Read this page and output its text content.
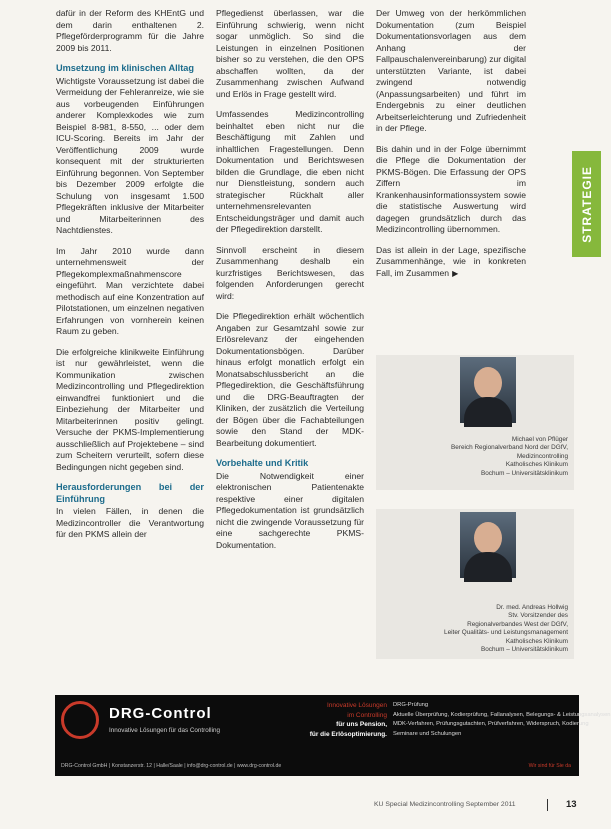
dafür in der Reform des KHEntG und dem darin enthaltenen 2. Pflegeförderprogramm für die Jahre 2009 bis 2011.

Umsetzung im klinischen Alltag

Wichtigste Voraussetzung ist dabei die Vermeidung der Fehleranreize, wie sie aus vorbeugenden Einführungen anderer Komplexkodes wie zum Beispiel 8-981, 8-550, ... oder dem ICU-Scoring. Bereits im Jahr der Veröffentlichung 2009 wurde konsequent mit der strukturierten Einführung begonnen. Von September bis Dezember 2009 erfolgte die Schulung von insgesamt 1.500 Pflegekräften inklusive der Mitarbeiter und Mitarbeiterinnen des Nachtdienstes.

Im Jahr 2010 wurde dann unternehmensweit der Pflegekomplexmaßnahmenscore eingeführt. Man verzichtete dabei methodisch auf eine Konzentration auf Pilotstationen, um einzelnen negativen Erfahrungen von vornherein keinen Raum zu geben.

Die erfolgreiche klinikweite Einführung ist nur gewährleistet, wenn die Kommunikation zwischen Medizincontrolling und Pflegedirektion einwandfrei funktioniert und die Einbeziehung der Mitarbeiter und Mitarbeiterinnen positiv gelingt. Versuche der PKMS-Implementierung ausschließlich auf Projektebene – sind zum Scheitern verurteilt, sofern diese Bedingungen nicht gegeben sind.

Herausforderungen bei der Einführung

In vielen Fällen, in denen die Medizincontroller die Verantwortung für den PKMS allein der

Pflegedienst überlassen, war die Einführung schwierig, wenn nicht sogar unmöglich. So sind die Leistungen in einzelnen Positionen bisher so zu verstehen, die den OPS abschaffen wollten, da der Zusammenhang zwischen Aufwand und Erlös in Frage gestellt wird.

Umfassendes Medizincontrolling beinhaltet eben nicht nur die Beschäftigung mit Zahlen und inhaltlichen Fragestellungen. Denn Dokumentation und Berichtswesen bilden die Grundlage, die eben nicht nur Dienstleistung, sondern auch strategischer Rückhalt aller unternehmensrelevanten Entscheidungsträger und damit auch der Pflegedirektion darstellt.

Sinnvoll erscheint in diesem Zusammenhang deshalb ein kurzfristiges Berichtswesen, das folgenden Anforderungen gerecht wird:

Die Pflegedirektion erhält wöchentlich Angaben zur Gesamtzahl sowie zur Erlösrelevanz der eingehenden Dokumentationsbögen. Darüber hinaus erfolgt monatlich erfolgt ein Monatsabschlussbericht an die Pflegedirektion, die Geschäftsführung und die DRG-Beauftragten der Kliniken, der zusätzlich die Verteilung der Bögen über die Fachabteilungen sowie den Stand der MDK-Bearbeitung dokumentiert.

Vorbehalte und Kritik

Die Notwendigkeit einer elektronischen Patientenakte respektive einer digitalen Pflegedokumentation ist grundsätzlich nicht die zwingende Voraussetzung für eine sachgerechte PKMS-Dokumentation.

Der Umweg von der herkömmlichen Dokumentation (zum Beispiel Dokumentationsvorlagen aus dem Anhang der Fallpauschalenvereinbarung) zur digital unterstützten Variante, ist dabei zwingend notwendig (Anpassungsarbeiten) und führt im Endergebnis zu einer deutlichen Arbeitserleichterung und Zufriedenheit in der Pflege.

Bis dahin und in der Folge übernimmt die Pflege die Dokumentation der PKMS-Bögen. Die Erfassung der OPS Ziffern im Krankenhausinformationssystem sowie die statistische Auswertung wird dagegen grundsätzlich durch das Medizincontrolling übernommen.

Das ist allein in der Lage, spezifische Zusammenhänge, wie in konkreten Fall, im Zusammen ▶

STRATEGIE
Michael von Pflüger
Bereich Regionalverband Nord der DGfV,
Medizincontrolling
Katholisches Klinikum
Bochum – Universitätsklinikum
Dr. med. Andreas Hollwig
Stv. Vorsitzender des
Regionalverbandes West der DGfV,
Leiter Qualitäts- und Leistungsmanagement
Katholisches Klinikum
Bochum – Universitätsklinikum
DRG-Control
Innovative Lösungen für das Controlling
Innovative Lösungen
im Controlling
für uns Pension,
für die Erlösoptimierung.
DRG-Prüfung
Aktuelle Überprüfung, Kodierprüfung, Fallanalysen, Belegungs- & Leistungsanalysen
MDK-Verfahren, Prüfungsgutachten, Prüfverfahren, Widerspruch, Kodierung
Seminare und Schulungen
DRG-Control GmbH | Konstanzerstr. 12 | Halle/Saale | info@drg-control.de | www.drg-control.de	Wir sind für Sie da
KU Special Medizincontrolling September 2011	13
